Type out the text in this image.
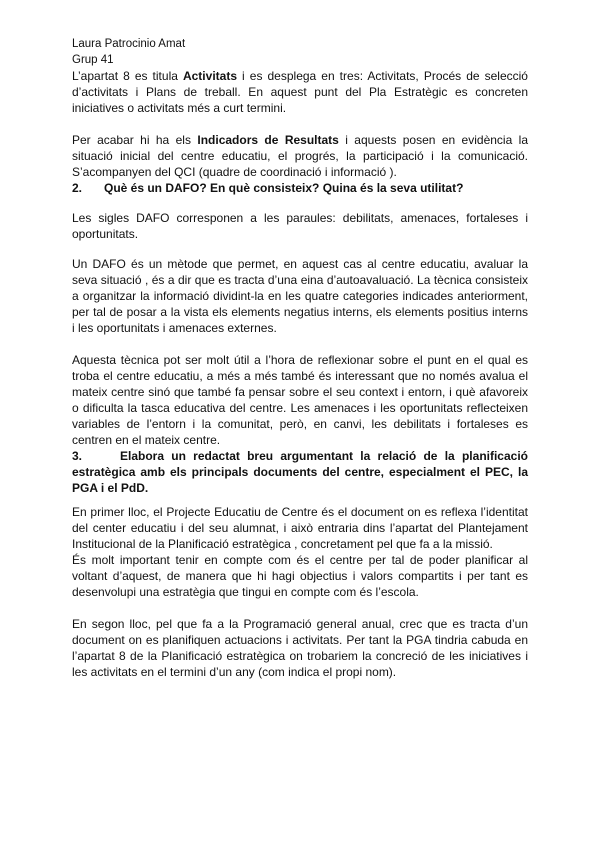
Laura Patrocinio Amat
Grup 41

L’apartat 8 es titula Activitats i es desplega en tres: Activitats, Procés de selecció d’activitats i Plans de treball. En aquest punt del Pla Estratègic es concreten iniciatives o activitats més a curt termini.

Per acabar hi ha els Indicadors de Resultats i aquests posen en evidència la situació inicial del centre educatiu, el progrés, la participació i la comunicació. S’acompanyen del QCI (quadre de coordinació i informació ).

2.	Què és un DAFO? En què consisteix? Quina és la seva utilitat?

Les sigles DAFO corresponen a les paraules: debilitats, amenaces, fortaleses i oportunitats.

Un DAFO és un mètode que permet, en aquest cas al centre educatiu, avaluar la seva situació , és a dir que es tracta d’una eina d’autoavaluació. La tècnica consisteix a organitzar la informació dividint-la en les quatre categories indicades anteriorment, per tal de posar a la vista els elements negatius interns, els elements positius interns i les oportunitats i amenaces externes.

Aquesta tècnica pot ser molt útil a l’hora de reflexionar sobre el punt en el qual es troba el centre educatiu, a més a més també és interessant que no només avalua el mateix centre sinó que també fa pensar sobre el seu context i entorn, i què afavoreix o dificulta la tasca educativa del centre. Les amenaces i les oportunitats reflecteixen variables de l’entorn i la comunitat, però, en canvi, les debilitats i fortaleses es centren en el mateix centre.

3.	Elabora un redactat breu argumentant la relació de la planificació estratègica amb els principals documents del centre, especialment el PEC, la PGA i el PdD.

En primer lloc, el Projecte Educatiu de Centre és el document on es reflexa l’identitat del center educatiu i del seu alumnat, i això entraria dins l’apartat del Plantejament Institucional de la Planificació estratègica , concretament pel que fa a la missió.

És molt important tenir en compte com és el centre per tal de poder planificar al voltant d’aquest, de manera que hi hagi objectius i valors compartits i per tant es desenvolupi una estratègia que tingui en compte com és l’escola.

En segon lloc, pel que fa a la Programació general anual, crec que es tracta d’un document on es planifiquen actuacions i activitats. Per tant la PGA tindria cabuda en l’apartat 8 de la Planificació estratègica on trobariem la concreció de les iniciatives i les activitats en el termini d’un any (com indica el propi nom).
